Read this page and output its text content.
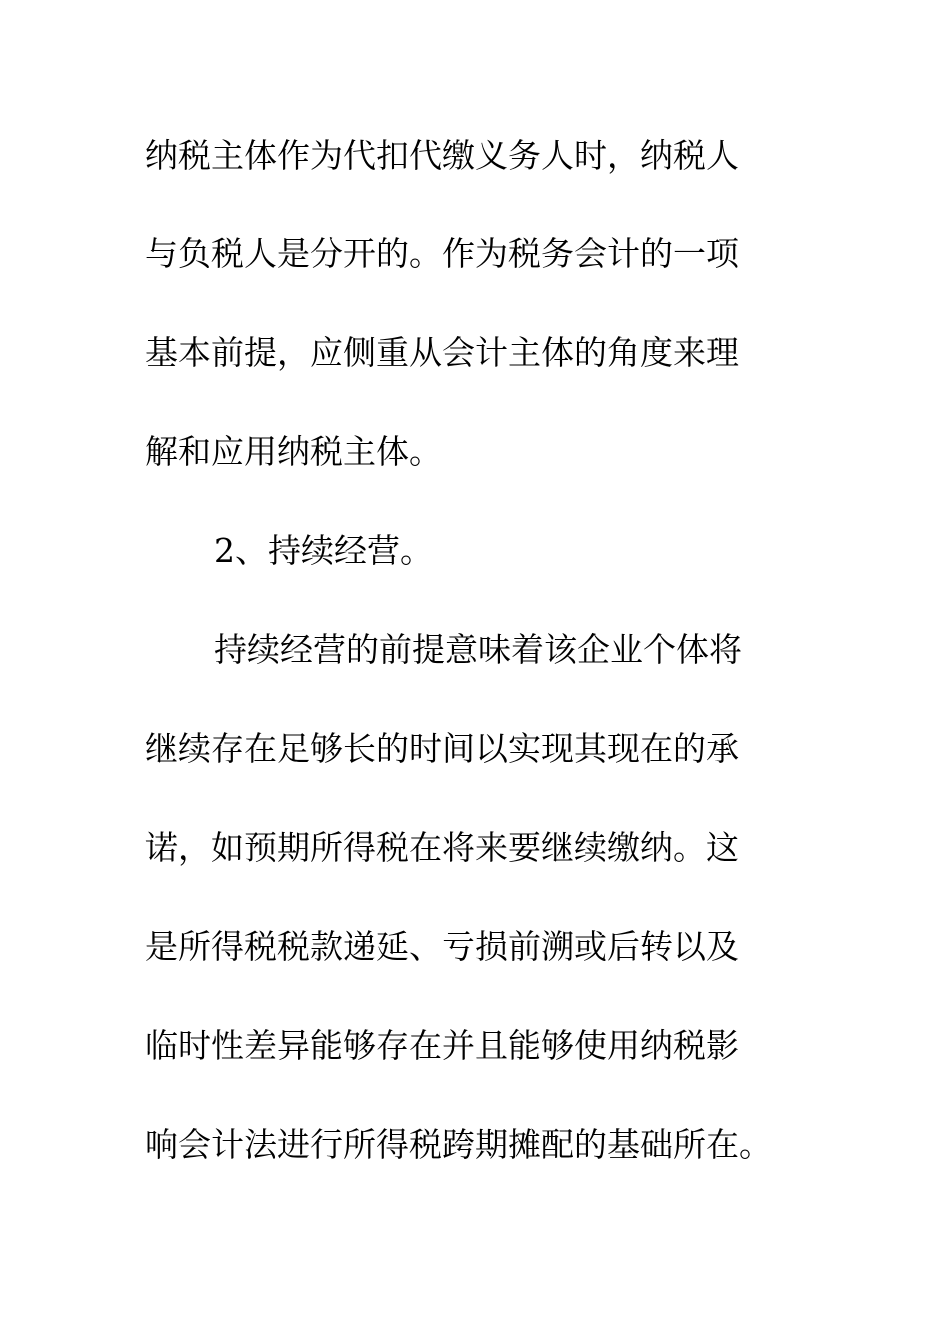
纳税主体作为代扣代缴义务人时，纳税人
与负税人是分开的。作为税务会计的一项
基本前提，应侧重从会计主体的角度来理
解和应用纳税主体。
2、持续经营。
持续经营的前提意味着该企业个体将
继续存在足够长的时间以实现其现在的承
诺，如预期所得税在将来要继续缴纳。这
是所得税税款递延、亏损前溯或后转以及
临时性差异能够存在并且能够使用纳税影
响会计法进行所得税跨期摊配的基础所在。
